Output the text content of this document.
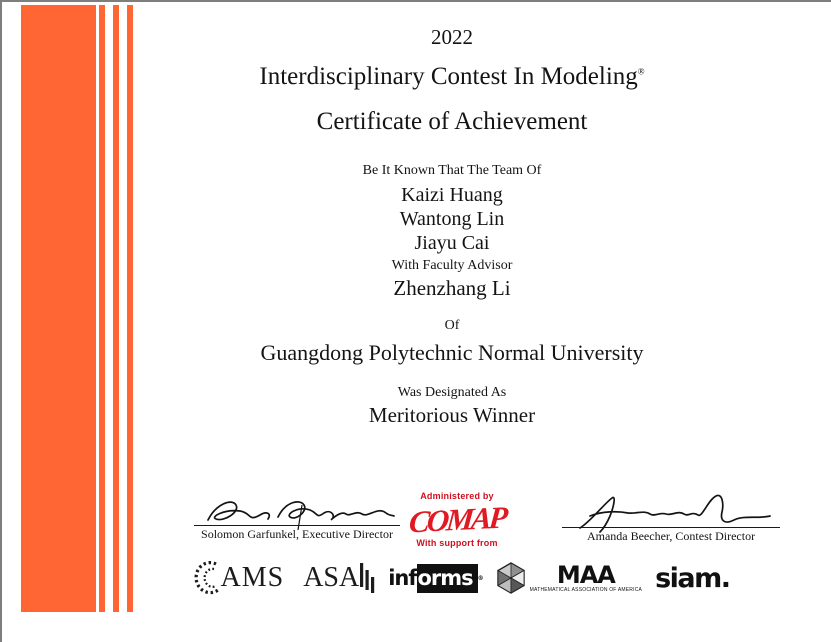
2022
Interdisciplinary Contest In Modeling®
Certificate of Achievement
Be It Known That The Team Of
Kaizi Huang
Wantong Lin
Jiayu Cai
With Faculty Advisor
Zhenzhang Li
Of
Guangdong Polytechnic Normal University
Was Designated As
Meritorious Winner
Solomon Garfunkel, Executive Director
Administered by
COMAP
With support from	Amanda Beecher, Contest Director
AMS ASA inf orms ®	MAA
MATHEMATICAL ASSOCIATION OF AMERICA siam.
